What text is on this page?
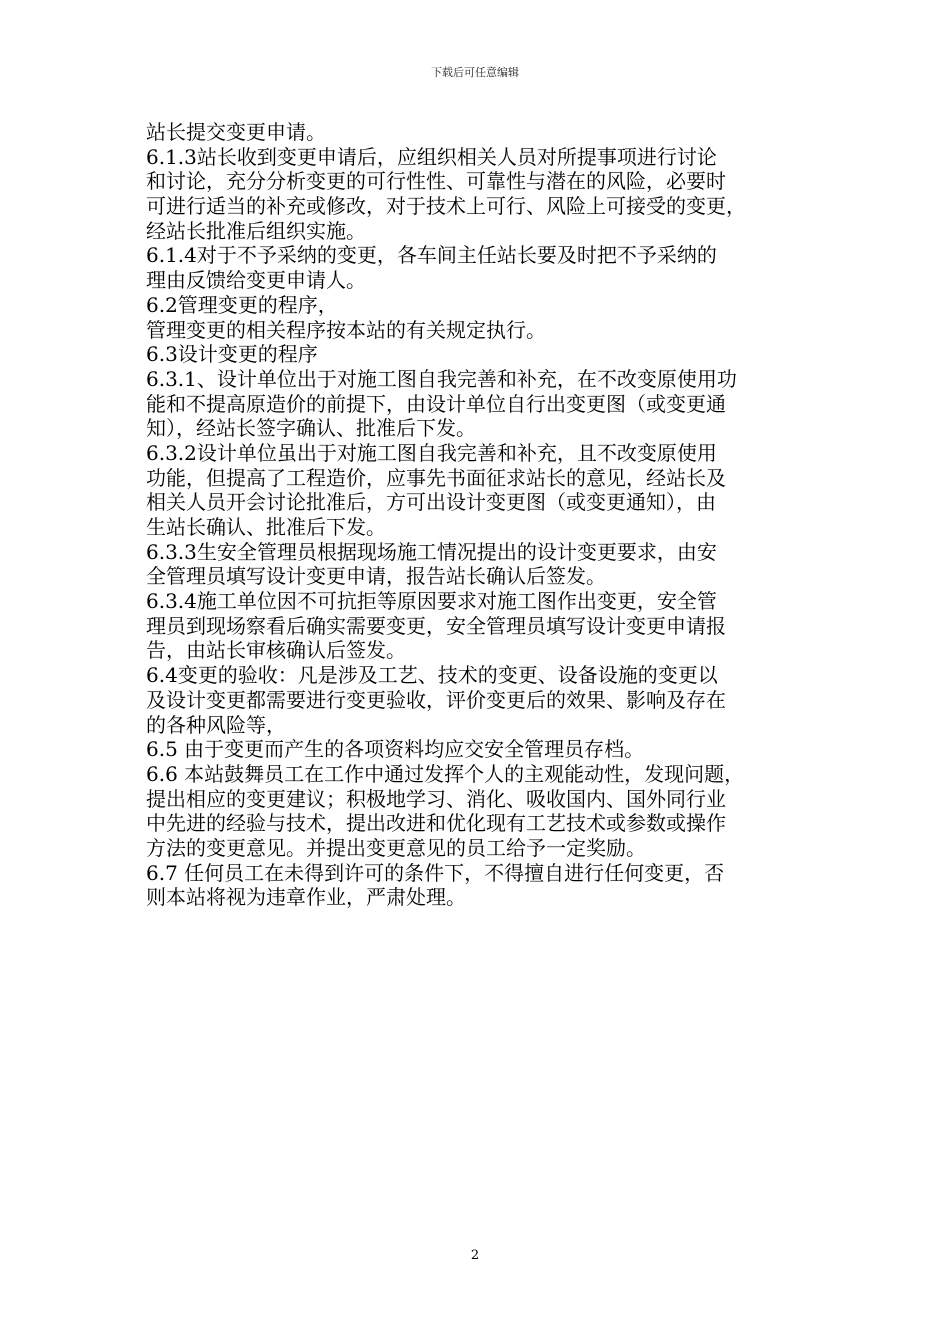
下载后可任意编辑
站长提交变更申请。
6.1.3站长收到变更申请后，应组织相关人员对所提事项进行讨论
和讨论，充分分析变更的可行性性、可靠性与潜在的风险，必要时
可进行适当的补充或修改，对于技术上可行、风险上可接受的变更，
经站长批准后组织实施。
6.1.4对于不予采纳的变更，各车间主任站长要及时把不予采纳的
理由反馈给变更申请人。
6.2管理变更的程序，
管理变更的相关程序按本站的有关规定执行。
6.3设计变更的程序
6.3.1、设计单位出于对施工图自我完善和补充，在不改变原使用功
能和不提高原造价的前提下，由设计单位自行出变更图（或变更通
知），经站长签字确认、批准后下发。
6.3.2设计单位虽出于对施工图自我完善和补充，且不改变原使用
功能，但提高了工程造价，应事先书面征求站长的意见，经站长及
相关人员开会讨论批准后，方可出设计变更图（或变更通知），由
生站长确认、批准后下发。
6.3.3生安全管理员根据现场施工情况提出的设计变更要求，由安
全管理员填写设计变更申请，报告站长确认后签发。
6.3.4施工单位因不可抗拒等原因要求对施工图作出变更，安全管
理员到现场察看后确实需要变更，安全管理员填写设计变更申请报
告，由站长审核确认后签发。
6.4变更的验收：凡是涉及工艺、技术的变更、设备设施的变更以
及设计变更都需要进行变更验收，评价变更后的效果、影响及存在
的各种风险等，
6.5 由于变更而产生的各项资料均应交安全管理员存档。
6.6 本站鼓舞员工在工作中通过发挥个人的主观能动性，发现问题，
提出相应的变更建议；积极地学习、消化、吸收国内、国外同行业
中先进的经验与技术，提出改进和优化现有工艺技术或参数或操作
方法的变更意见。并提出变更意见的员工给予一定奖励。
6.7 任何员工在未得到许可的条件下，不得擅自进行任何变更，否
则本站将视为违章作业，严肃处理。
2
